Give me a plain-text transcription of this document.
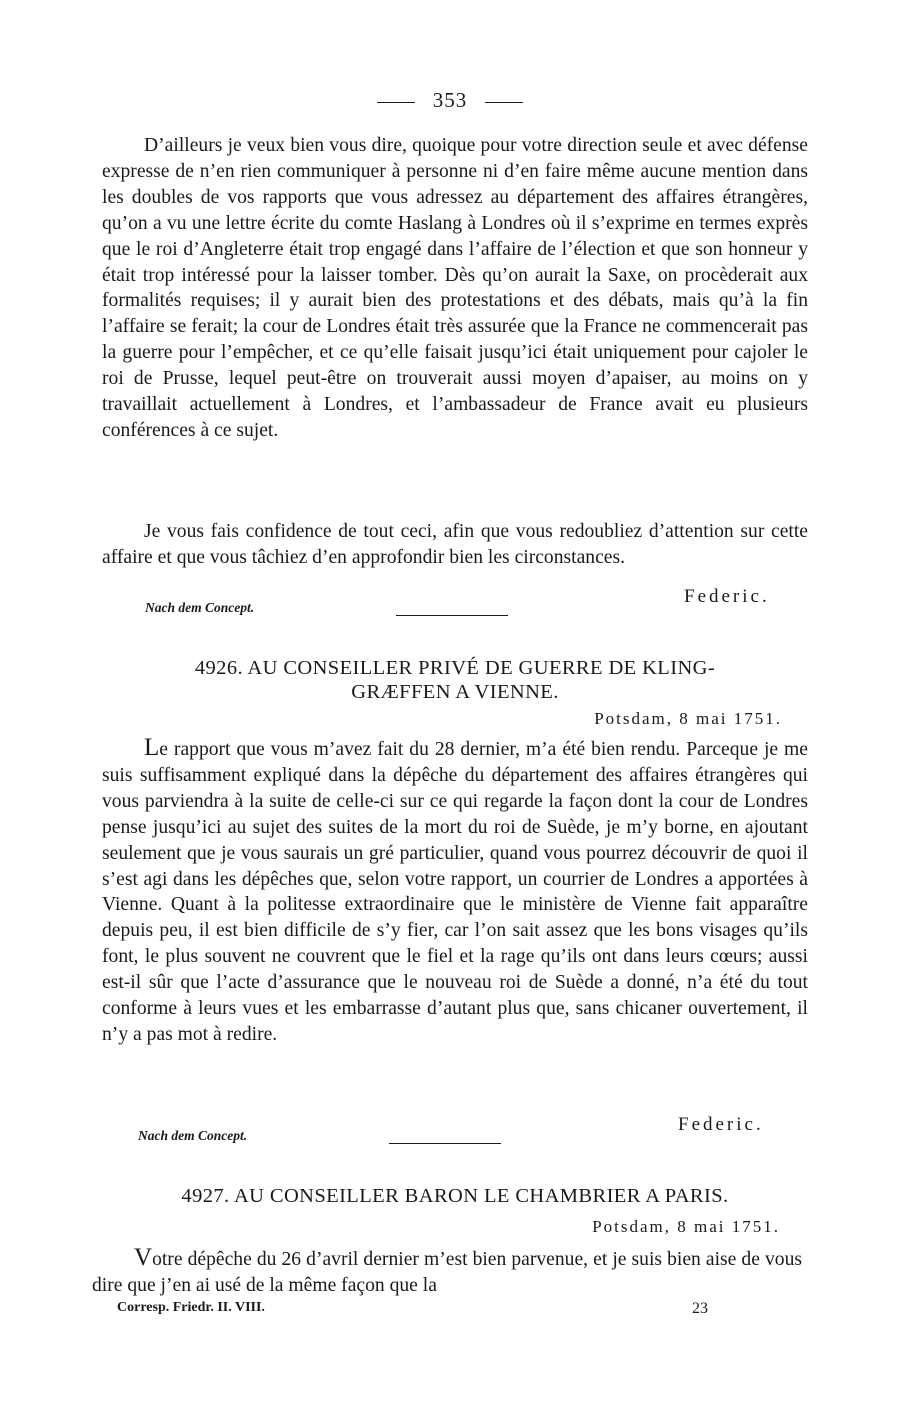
353

D’ailleurs je veux bien vous dire, quoique pour votre direction seule et avec défense expresse de n’en rien communiquer à personne ni d’en faire même aucune mention dans les doubles de vos rapports que vous adressez au département des affaires étrangères, qu’on a vu une lettre écrite du comte Haslang à Londres où il s’exprime en termes exprès que le roi d’Angleterre était trop engagé dans l’affaire de l’élection et que son honneur y était trop intéressé pour la laisser tomber. Dès qu’on aurait la Saxe, on procèderait aux formalités requises; il y aurait bien des protestations et des débats, mais qu’à la fin l’affaire se ferait; la cour de Londres était très assurée que la France ne commencerait pas la guerre pour l’empêcher, et ce qu’elle faisait jusqu’ici était uniquement pour cajoler le roi de Prusse, lequel peut-être on trouverait aussi moyen d’apaiser, au moins on y travaillait actuellement à Londres, et l’ambassadeur de France avait eu plusieurs conférences à ce sujet.

Je vous fais confidence de tout ceci, afin que vous redoubliez d’attention sur cette affaire et que vous tâchiez d’en approfondir bien les circonstances.

Federic.
Nach dem Concept.
4926. AU CONSEILLER PRIVÉ DE GUERRE DE KLING-
GRÆFFEN A VIENNE.
Potsdam, 8 mai 1751.

Le rapport que vous m’avez fait du 28 dernier, m’a été bien rendu. Parceque je me suis suffisamment expliqué dans la dépêche du département des affaires étrangères qui vous parviendra à la suite de celle-ci sur ce qui regarde la façon dont la cour de Londres pense jusqu’ici au sujet des suites de la mort du roi de Suède, je m’y borne, en ajoutant seulement que je vous saurais un gré particulier, quand vous pourrez découvrir de quoi il s’est agi dans les dépêches que, selon votre rapport, un courrier de Londres a apportées à Vienne. Quant à la politesse extraordinaire que le ministère de Vienne fait apparaître depuis peu, il est bien difficile de s’y fier, car l’on sait assez que les bons visages qu’ils font, le plus souvent ne couvrent que le fiel et la rage qu’ils ont dans leurs cœurs; aussi est-il sûr que l’acte d’assurance que le nouveau roi de Suède a donné, n’a été du tout conforme à leurs vues et les embarrasse d’autant plus que, sans chicaner ouvertement, il n’y a pas mot à redire.

Federic.
Nach dem Concept.
4927. AU CONSEILLER BARON LE CHAMBRIER A PARIS.
Potsdam, 8 mai 1751.

Votre dépêche du 26 d’avril dernier m’est bien parvenue, et je suis bien aise de vous dire que j’en ai usé de la même façon que la

Corresp. Friedr. II. VIII.	23
